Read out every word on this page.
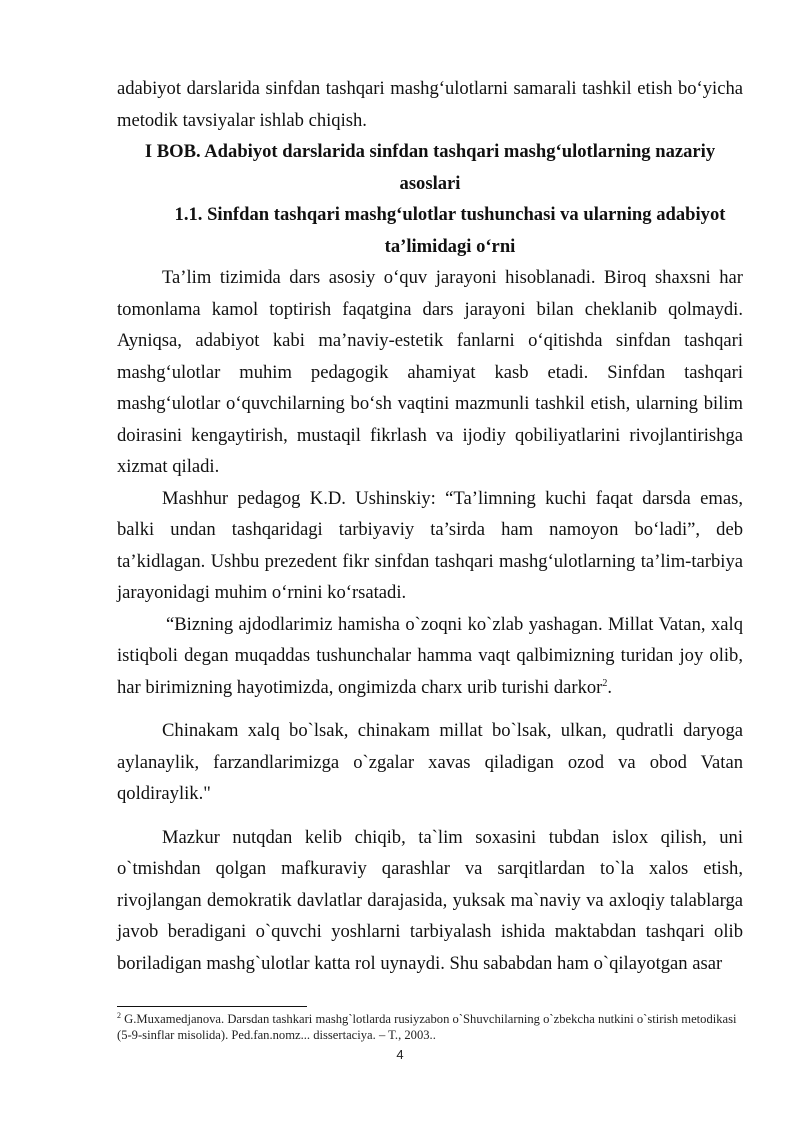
adabiyot darslarida sinfdan tashqari mashg‘ulotlarni samarali tashkil etish bo‘yicha metodik tavsiyalar ishlab chiqish.

I BOB. Adabiyot darslarida sinfdan tashqari mashg‘ulotlarning nazariy asoslari

1.1. Sinfdan tashqari mashg‘ulotlar tushunchasi va ularning adabiyot ta’limidagi o‘rni

Ta’lim tizimida dars asosiy o‘quv jarayoni hisoblanadi. Biroq shaxsni har tomonlama kamol toptirish faqatgina dars jarayoni bilan cheklanib qolmaydi. Ayniqsa, adabiyot kabi ma’naviy-estetik fanlarni o‘qitishda sinfdan tashqari mashg‘ulotlar muhim pedagogik ahamiyat kasb etadi. Sinfdan tashqari mashg‘ulotlar o‘quvchilarning bo‘sh vaqtini mazmunli tashkil etish, ularning bilim doirasini kengaytirish, mustaqil fikrlash va ijodiy qobiliyatlarini rivojlantirishga xizmat qiladi.

Mashhur pedagog K.D. Ushinskiy: “Ta’limning kuchi faqat darsda emas, balki undan tashqaridagi tarbiyaviy ta’sirda ham namoyon bo‘ladi”, deb ta’kidlagan. Ushbu prezedent fikr sinfdan tashqari mashg‘ulotlarning ta’lim-tarbiya jarayonidagi muhim o‘rnini ko‘rsatadi.

“Bizning ajdodlarimiz hamisha o`zoqni ko`zlab yashagan. Millat Vatan, xalq istiqboli degan muqaddas tushunchalar hamma vaqt qalbimizning turidan joy olib, har birimizning hayotimizda, ongimizda charx urib turishi darkor$^2$.

Chinakam xalq bo`lsak, chinakam millat bo`lsak, ulkan, qudratli daryoga aylanaylik, farzandlarimizga o`zgalar xavas qiladigan ozod va obod Vatan qoldiraylik."

Mazkur nutqdan kelib chiqib, ta`lim soxasini tubdan islox qilish, uni o`tmishdan qolgan mafkuraviy qarashlar va sarqitlardan to`la xalos etish, rivojlangan demokratik davlatlar darajasida, yuksak ma`naviy va axloqiy talablarga javob beradigani o`quvchi yoshlarni tarbiyalash ishida maktabdan tashqari olib boriladigan mashg`ulotlar katta rol uynaydi. Shu sababdan ham o`qilayotgan asar

$^2$ G.Muxamedjanova. Darsdan tashkari mashg`lotlarda rusiyzabon o`Shuvchilarning o`zbekcha nutkini o`stirish metodikasi (5-9-sinflar misolida). Ped.fan.nomz... dissertaciya. – T., 2003..
4
